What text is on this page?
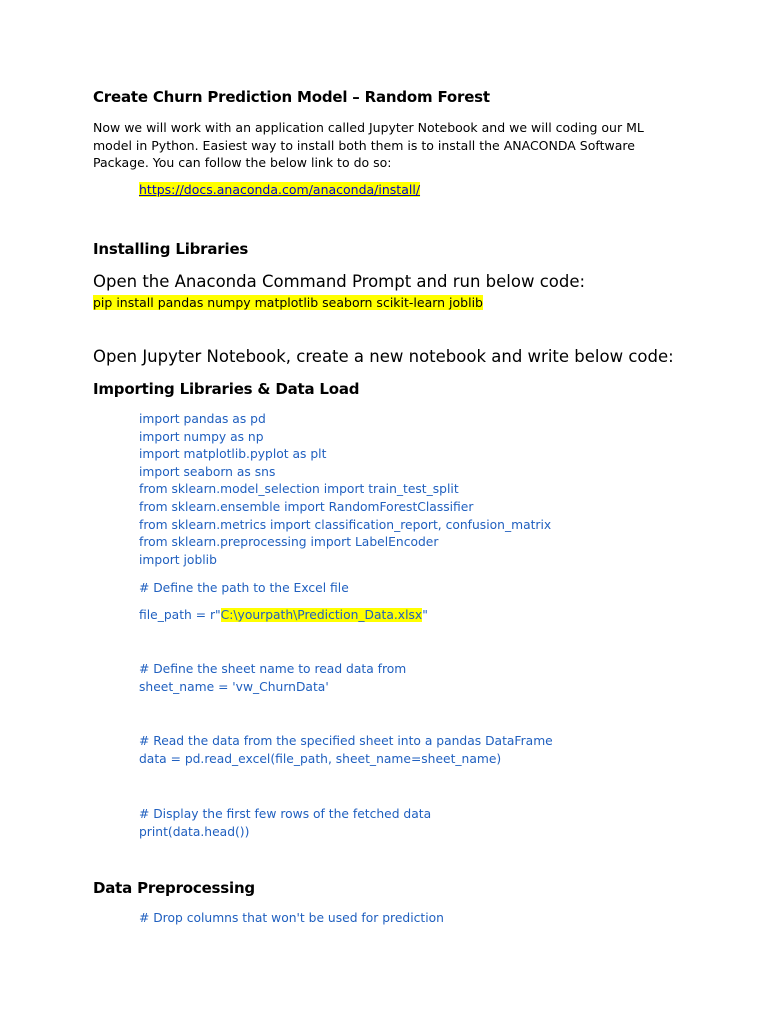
Create Churn Prediction Model – Random Forest
Now we will work with an application called Jupyter Notebook and we will coding our ML model in Python. Easiest way to install both them is to install the ANACONDA Software Package. You can follow the below link to do so:
https://docs.anaconda.com/anaconda/install/
Installing Libraries
Open the Anaconda Command Prompt and run below code:
pip install pandas numpy matplotlib seaborn scikit-learn joblib
Open Jupyter Notebook, create a new notebook and write below code:
Importing Libraries & Data Load
import pandas as pd
import numpy as np
import matplotlib.pyplot as plt
import seaborn as sns
from sklearn.model_selection import train_test_split
from sklearn.ensemble import RandomForestClassifier
from sklearn.metrics import classification_report, confusion_matrix
from sklearn.preprocessing import LabelEncoder
import joblib
# Define the path to the Excel file
file_path = r"C:\yourpath\Prediction_Data.xlsx"
# Define the sheet name to read data from
sheet_name = 'vw_ChurnData'
# Read the data from the specified sheet into a pandas DataFrame
data = pd.read_excel(file_path, sheet_name=sheet_name)
# Display the first few rows of the fetched data
print(data.head())
Data Preprocessing
# Drop columns that won't be used for prediction
